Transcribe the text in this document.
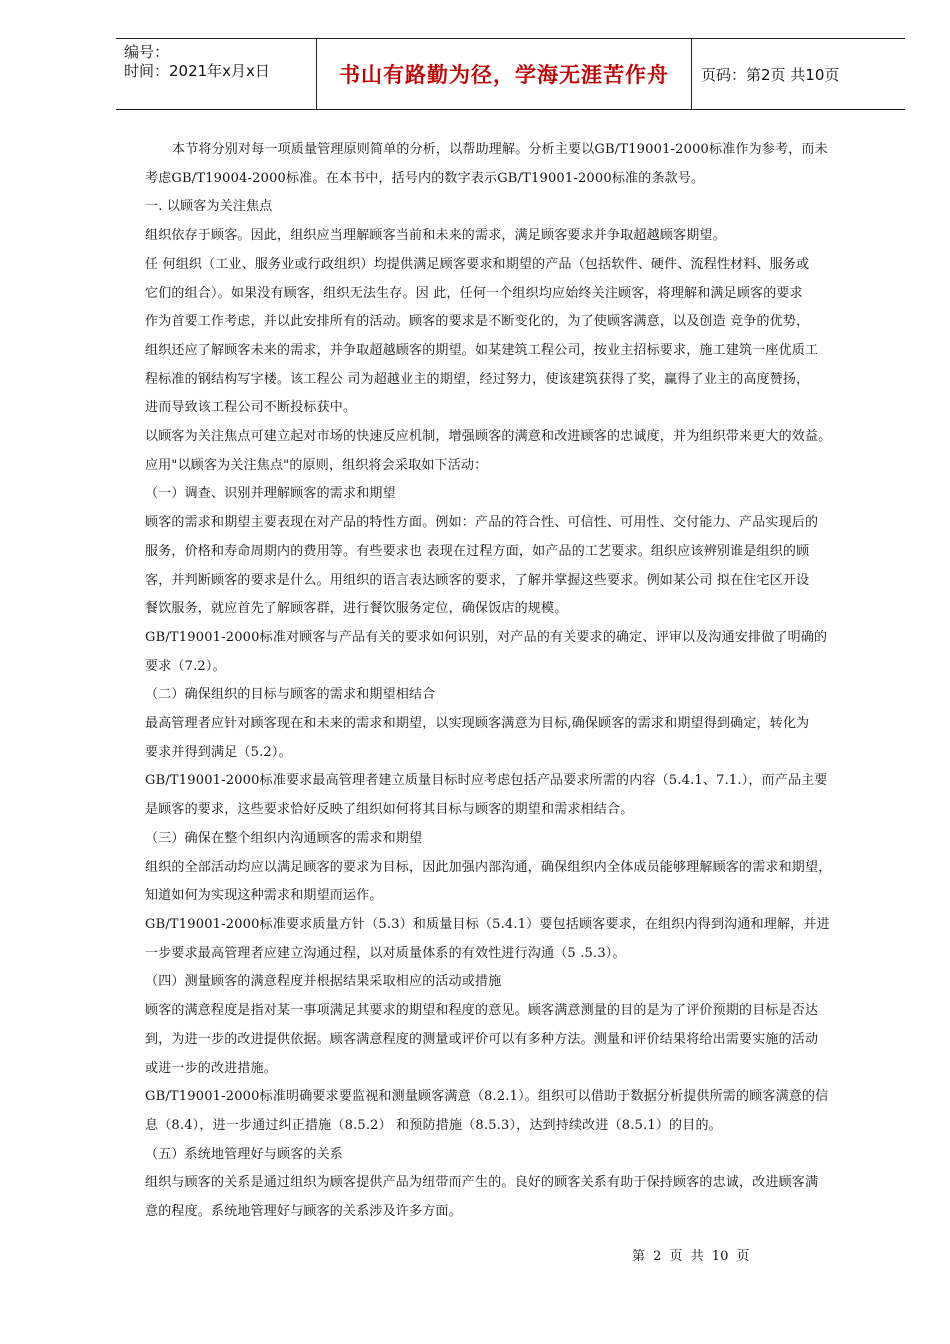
编号：
时间：2021年x月x日	书山有路勤为径，学海无涯苦作舟 页码：第2页 共10页
本节将分别对每一项质量管理原则简单的分析，以帮助理解。分析主要以GB/T19001-2000标准作为参考，而未
考虑GB/T19004-2000标准。在本书中，括号内的数字表示GB/T19001-2000标准的条款号。
一. 以顾客为关注焦点
组织依存于顾客。因此，组织应当理解顾客当前和未来的需求，满足顾客要求并争取超越顾客期望。
任 何组织（工业、服务业或行政组织）均提供满足顾客要求和期望的产品（包括软件、硬件、流程性材料、服务或
它们的组合）。如果没有顾客，组织无法生存。因 此，任何一个组织均应始终关注顾客，将理解和满足顾客的要求
作为首要工作考虑，并以此安排所有的活动。顾客的要求是不断变化的，为了使顾客满意，以及创造 竞争的优势，
组织还应了解顾客未来的需求，并争取超越顾客的期望。如某建筑工程公司，按业主招标要求，施工建筑一座优质工
程标准的钢结构写字楼。该工程公 司为超越业主的期望，经过努力，使该建筑获得了奖，赢得了业主的高度赞扬，
进而导致该工程公司不断投标获中。
以顾客为关注焦点可建立起对市场的快速反应机制，增强顾客的满意和改进顾客的忠诚度，并为组织带来更大的效益。
应用"以顾客为关注焦点"的原则，组织将会采取如下活动：
（一）调查、识别并理解顾客的需求和期望
顾客的需求和期望主要表现在对产品的特性方面。例如：产品的符合性、可信性、可用性、交付能力、产品实现后的
服务，价格和寿命周期内的费用等。有些要求也 表现在过程方面，如产品的工艺要求。组织应该辨别谁是组织的顾
客，并判断顾客的要求是什么。用组织的语言表达顾客的要求，了解并掌握这些要求。例如某公司 拟在住宅区开设
餐饮服务，就应首先了解顾客群，进行餐饮服务定位，确保饭店的规模。
GB/T19001-2000标准对顾客与产品有关的要求如何识别，对产品的有关要求的确定、评审以及沟通安排做了明确的
要求（7.2）。
（二）确保组织的目标与顾客的需求和期望相结合
最高管理者应针对顾客现在和未来的需求和期望，以实现顾客满意为目标,确保顾客的需求和期望得到确定，转化为
要求并得到满足（5.2）。
GB/T19001-2000标准要求最高管理者建立质量目标时应考虑包括产品要求所需的内容（5.4.1、7.1.），而产品主要
是顾客的要求，这些要求恰好反映了组织如何将其目标与顾客的期望和需求相结合。
（三）确保在整个组织内沟通顾客的需求和期望
组织的全部活动均应以满足顾客的要求为目标，因此加强内部沟通，确保组织内全体成员能够理解顾客的需求和期望，
知道如何为实现这种需求和期望而运作。
GB/T19001-2000标准要求质量方针（5.3）和质量目标（5.4.1）要包括顾客要求，在组织内得到沟通和理解，并进
一步要求最高管理者应建立沟通过程，以对质量体系的有效性进行沟通（5 .5.3）。
（四）测量顾客的满意程度并根据结果采取相应的活动或措施
顾客的满意程度是指对某一事项满足其要求的期望和程度的意见。顾客满意测量的目的是为了评价预期的目标是否达
到，为进一步的改进提供依据。顾客满意程度的测量或评价可以有多种方法。测量和评价结果将给出需要实施的活动
或进一步的改进措施。
GB/T19001-2000标准明确要求要监视和测量顾客满意（8.2.1）。组织可以借助于数据分析提供所需的顾客满意的信
息（8.4），进一步通过纠正措施（8.5.2） 和预防措施（8.5.3），达到持续改进（8.5.1）的目的。
（五）系统地管理好与顾客的关系
组织与顾客的关系是通过组织为顾客提供产品为纽带而产生的。良好的顾客关系有助于保持顾客的忠诚，改进顾客满
意的程度。系统地管理好与顾客的关系涉及许多方面。
第 2 页 共 10 页
